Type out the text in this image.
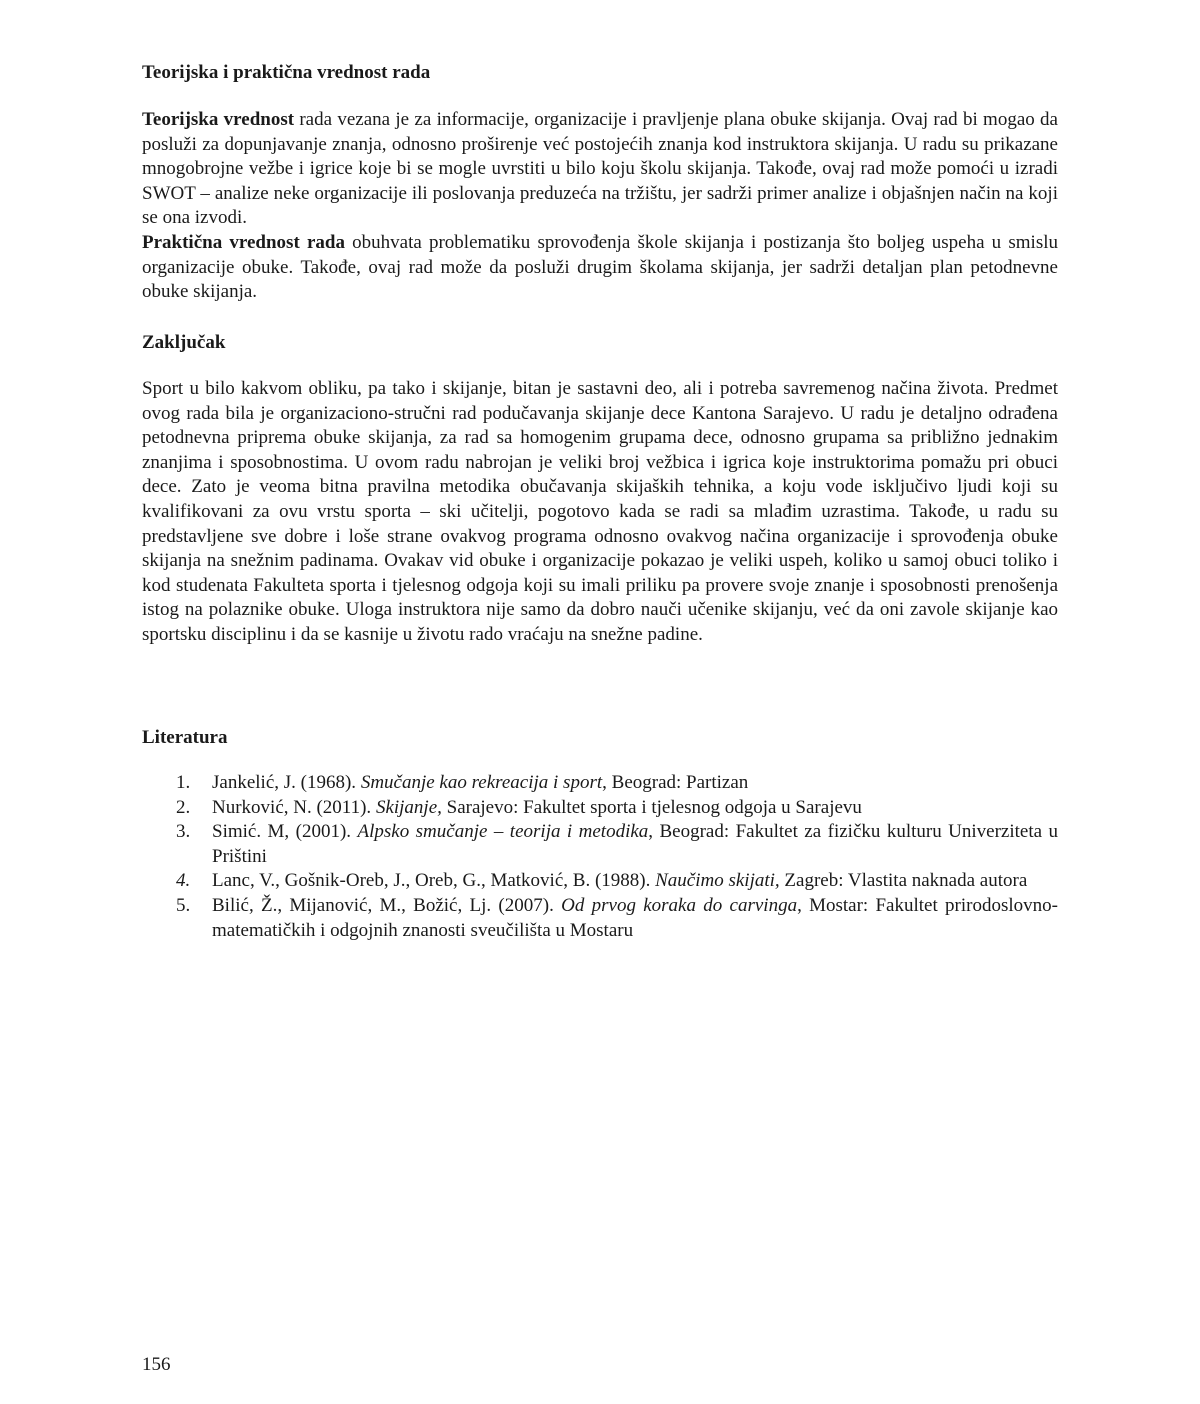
Teorijska i praktična vrednost rada

Teorijska vrednost rada vezana je za informacije, organizacije i pravljenje plana obuke skijanja. Ovaj rad bi mogao da posluži za dopunjavanje znanja, odnosno proširenje već postojećih znanja kod instruktora skijanja. U radu su prikazane mnogobrojne vežbe i igrice koje bi se mogle uvrstiti u bilo koju školu skijanja. Takođe, ovaj rad može pomoći u izradi SWOT – analize neke organizacije ili poslovanja preduzeća na tržištu, jer sadrži primer analize i objašnjen način na koji se ona izvodi.

Praktična vrednost rada obuhvata problematiku sprovođenja škole skijanja i postizanja što boljeg uspeha u smislu organizacije obuke. Takođe, ovaj rad može da posluži drugim školama skijanja, jer sadrži detaljan plan petodnevne obuke skijanja.

Zaključak

Sport u bilo kakvom obliku, pa tako i skijanje, bitan je sastavni deo, ali i potreba savremenog načina života. Predmet ovog rada bila je organizaciono-stručni rad podučavanja skijanje dece Kantona Sarajevo. U radu je detaljno odrađena petodnevna priprema obuke skijanja, za rad sa homogenim grupama dece, odnosno grupama sa približno jednakim znanjima i sposobnostima. U ovom radu nabrojan je veliki broj vežbica i igrica koje instruktorima pomažu pri obuci dece. Zato je veoma bitna pravilna metodika obučavanja skijaških tehnika, a koju vode isključivo ljudi koji su kvalifikovani za ovu vrstu sporta – ski učitelji, pogotovo kada se radi sa mlađim uzrastima. Takođe, u radu su predstavljene sve dobre i loše strane ovakvog programa odnosno ovakvog načina organizacije i sprovođenja obuke skijanja na snežnim padinama. Ovakav vid obuke i organizacije pokazao je veliki uspeh, koliko u samoj obuci toliko i kod studenata Fakulteta sporta i tjelesnog odgoja koji su imali priliku pa provere svoje znanje i sposobnosti prenošenja istog na polaznike obuke. Uloga instruktora nije samo da dobro nauči učenike skijanju, već da oni zavole skijanje kao sportsku disciplinu i da se kasnije u životu rado vraćaju na snežne padine.

Literatura
1. Jankelić, J. (1968). Smučanje kao rekreacija i sport, Beograd: Partizan
2. Nurković, N. (2011). Skijanje, Sarajevo: Fakultet sporta i tjelesnog odgoja u Sarajevu
3. Simić. M, (2001). Alpsko smučanje – teorija i metodika, Beograd: Fakultet za fizičku kulturu Univerziteta u Prištini
4. Lanc, V., Gošnik-Oreb, J., Oreb, G., Matković, B. (1988). Naučimo skijati, Zagreb: Vlastita naknada autora
5. Bilić, Ž., Mijanović, M., Božić, Lj. (2007). Od prvog koraka do carvinga, Mostar: Fakultet prirodoslovno-matematičkih i odgojnih znanosti sveučilišta u Mostaru
156
